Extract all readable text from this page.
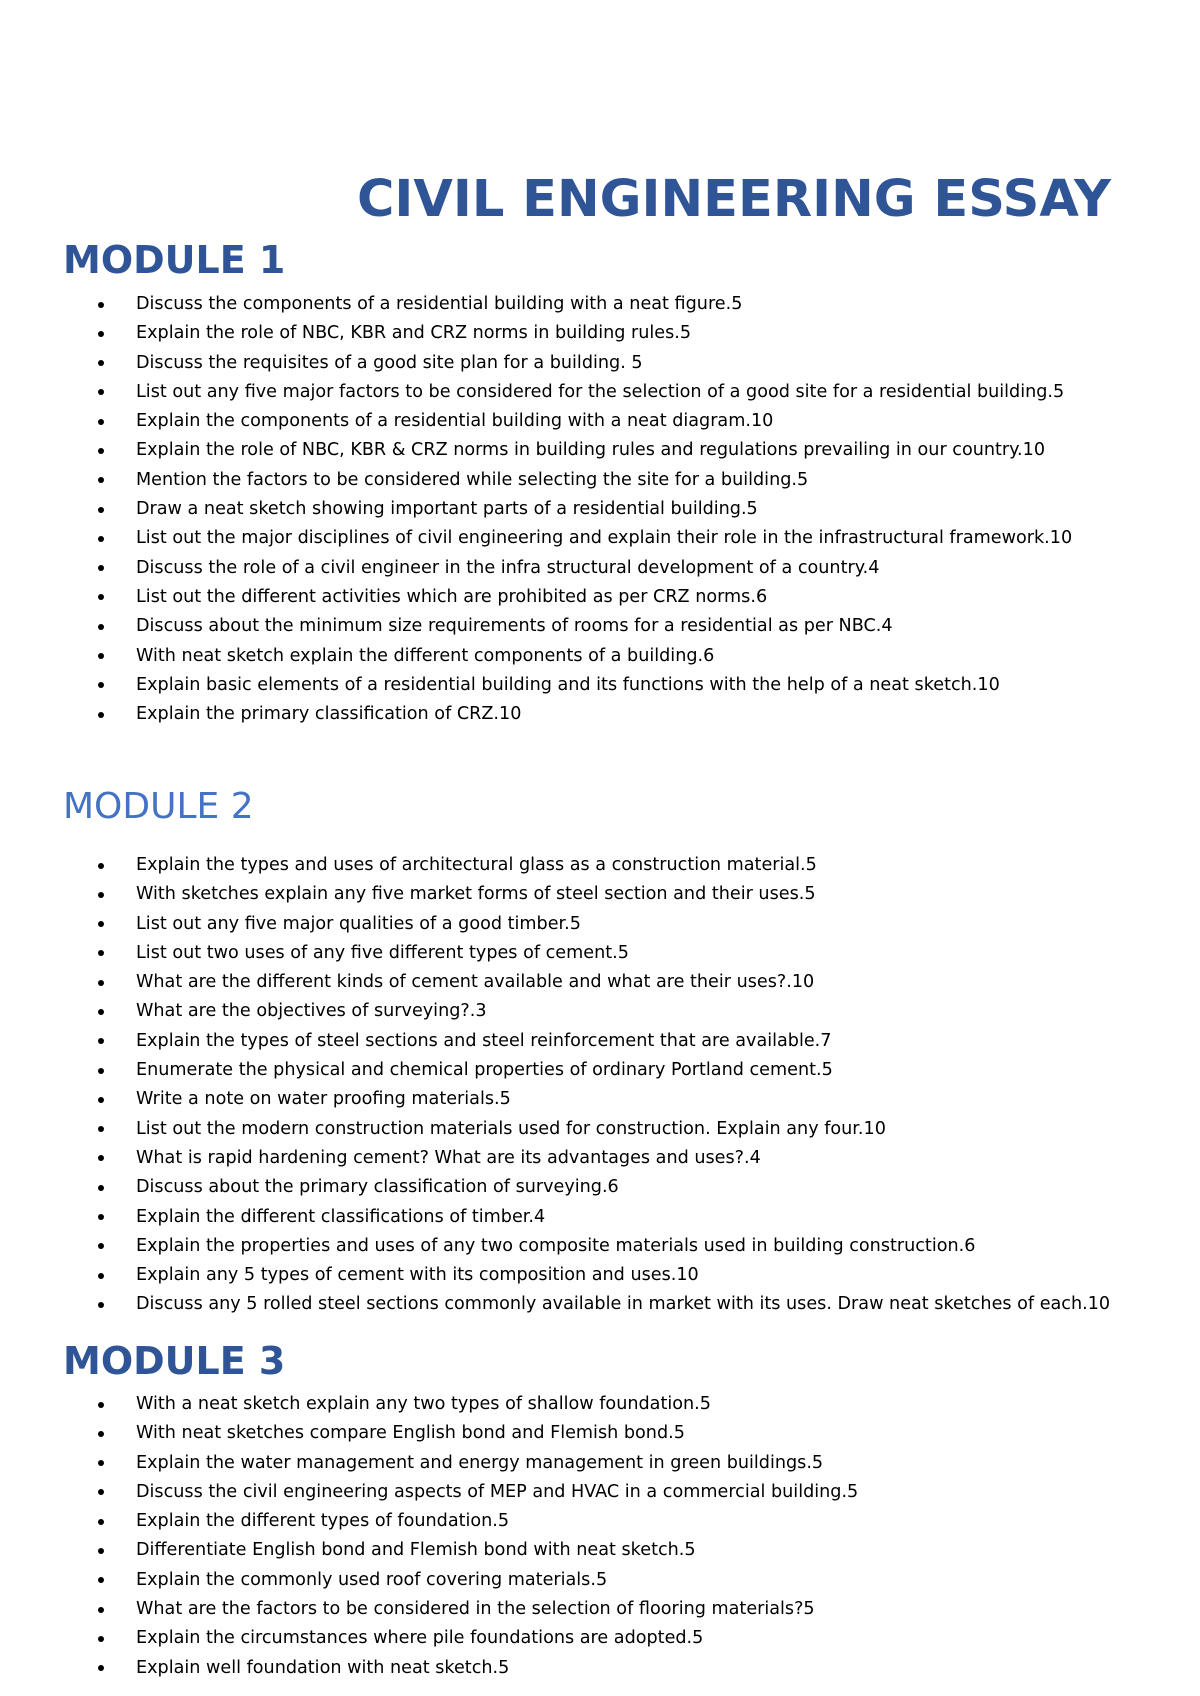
CIVIL ENGINEERING ESSAY
MODULE 1
Discuss the components of a residential building with a neat figure.5
Explain the role of NBC, KBR and CRZ norms in building rules.5
Discuss the requisites of a good site plan for a building. 5
List out any five major factors to be considered for the selection of a good site for a residential building.5
Explain the components of a residential building with a neat diagram.10
Explain the role of NBC, KBR & CRZ norms in building rules and regulations prevailing in our country.10
Mention the factors to be considered while selecting the site for a building.5
Draw a neat sketch showing important parts of a residential building.5
List out the major disciplines of civil engineering and explain their role in the infrastructural framework.10
Discuss the role of a civil engineer in the infra structural development of a country.4
List out the different activities which are prohibited as per CRZ norms.6
Discuss about the minimum size requirements of rooms for a residential as per NBC.4
With neat sketch explain the different components of a building.6
Explain basic elements of a residential building and its functions with the help of a neat sketch.10
Explain the primary classification of CRZ.10
MODULE 2
Explain the types and uses of architectural glass as a construction material.5
With sketches explain any five market forms of steel section and their uses.5
List out any five major qualities of a good timber.5
List out two uses of any five different types of cement.5
What are the different kinds of cement available and what are their uses?.10
What are the objectives of surveying?.3
Explain the types of steel sections and steel reinforcement that are available.7
Enumerate the physical and chemical properties of ordinary Portland cement.5
Write a note on water proofing materials.5
List out the modern construction materials used for construction. Explain any four.10
What is rapid hardening cement? What are its advantages and uses?.4
Discuss about the primary classification of surveying.6
Explain the different classifications of timber.4
Explain the properties and uses of any two composite materials used in building construction.6
Explain any 5 types of cement with its composition and uses.10
Discuss any 5 rolled steel sections commonly available in market with its uses. Draw neat sketches of each.10
MODULE 3
With a neat sketch explain any two types of shallow foundation.5
With neat sketches compare English bond and Flemish bond.5
Explain the water management and energy management in green buildings.5
Discuss the civil engineering aspects of MEP and HVAC in a commercial building.5
Explain the different types of foundation.5
Differentiate English bond and Flemish bond with neat sketch.5
Explain the commonly used roof covering materials.5
What are the factors to be considered in the selection of flooring materials?5
Explain the circumstances where pile foundations are adopted.5
Explain well foundation with neat sketch.5
